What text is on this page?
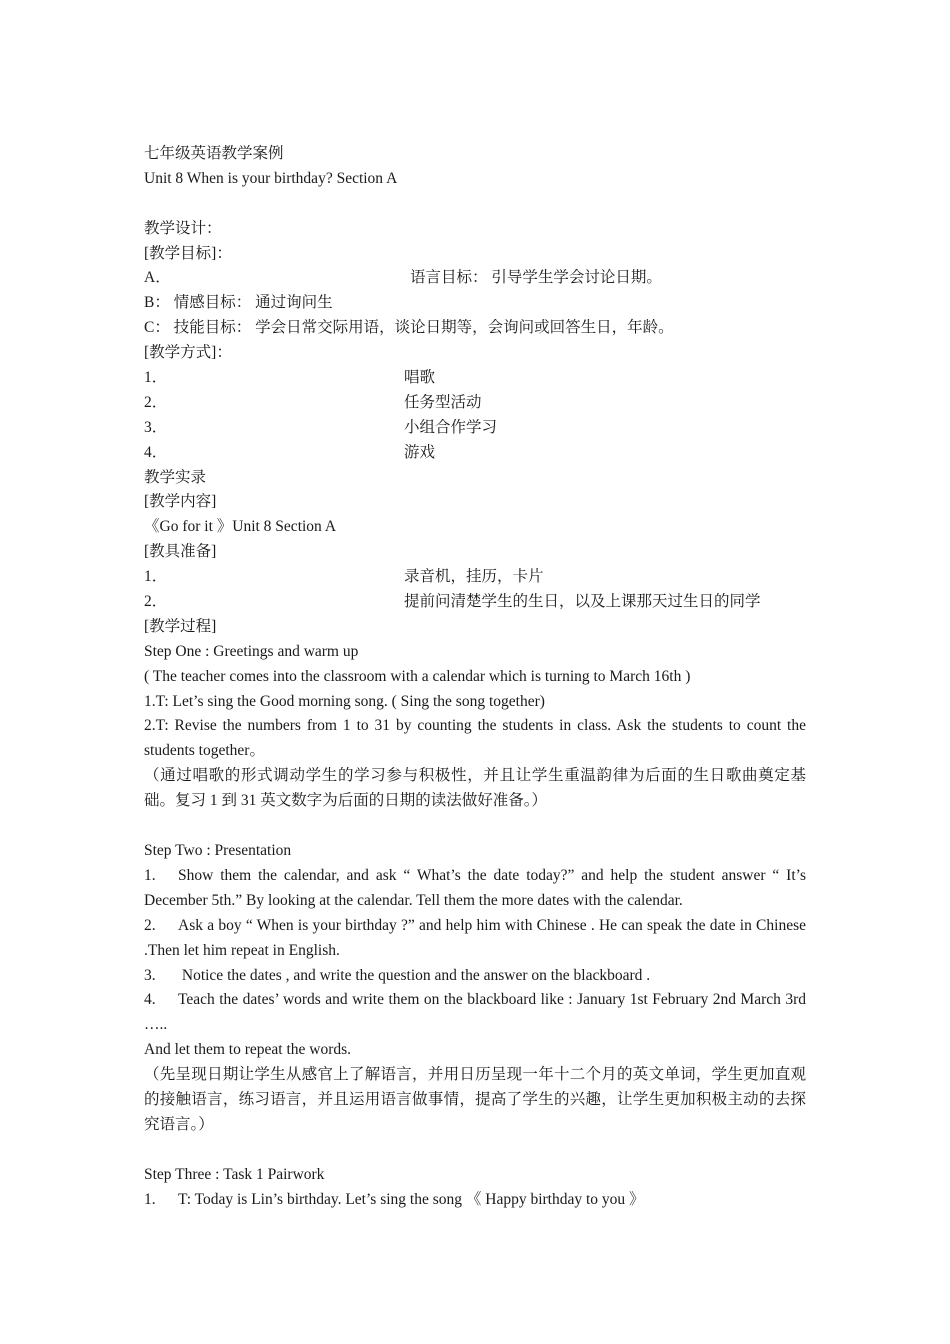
七年级英语教学案例
Unit 8 When is your birthday? Section A
教学设计：
[教学目标]：
A．	语言目标： 引导学生学会讨论日期。
B： 情感目标： 通过询问生
C： 技能目标： 学会日常交际用语，谈论日期等，会询问或回答生日，年龄。
[教学方式]：
1．	唱歌
2．	任务型活动
3．	小组合作学习
4．	游戏
教学实录
[教学内容]
《Go for it 》Unit 8 Section A
[教具准备]
1．	录音机，挂历，卡片
2．	提前问清楚学生的生日，以及上课那天过生日的同学
[教学过程]
Step One : Greetings and warm up
( The teacher comes into the classroom with a calendar which is turning to March 16th )
1.T: Let’s sing the Good morning song. ( Sing the song together)
2.T: Revise the numbers from 1 to 31 by counting the students in class. Ask the students to count the students together。
（通过唱歌的形式调动学生的学习参与积极性，并且让学生重温韵律为后面的生日歌曲奠定基础。复习 1 到 31 英文数字为后面的日期的读法做好准备。）
Step Two : Presentation
1. Show them the calendar, and ask “ What’s the date today?” and help the student answer “ It’s December 5th.” By looking at the calendar. Tell them the more dates with the calendar.
2. Ask a boy “ When is your birthday ?” and help him with Chinese . He can speak the date in Chinese .Then let him repeat in English.
3. Notice the dates , and write the question and the answer on the blackboard .
4. Teach the dates’ words and write them on the blackboard like : January 1st February 2nd March 3rd …..
And let them to repeat the words.
（先呈现日期让学生从感官上了解语言，并用日历呈现一年十二个月的英文单词，学生更加直观的接触语言，练习语言，并且运用语言做事情，提高了学生的兴趣，让学生更加积极主动的去探究语言。）
Step Three : Task 1 Pairwork
1. T: Today is Lin’s birthday. Let’s sing the song 《 Happy birthday to you 》
